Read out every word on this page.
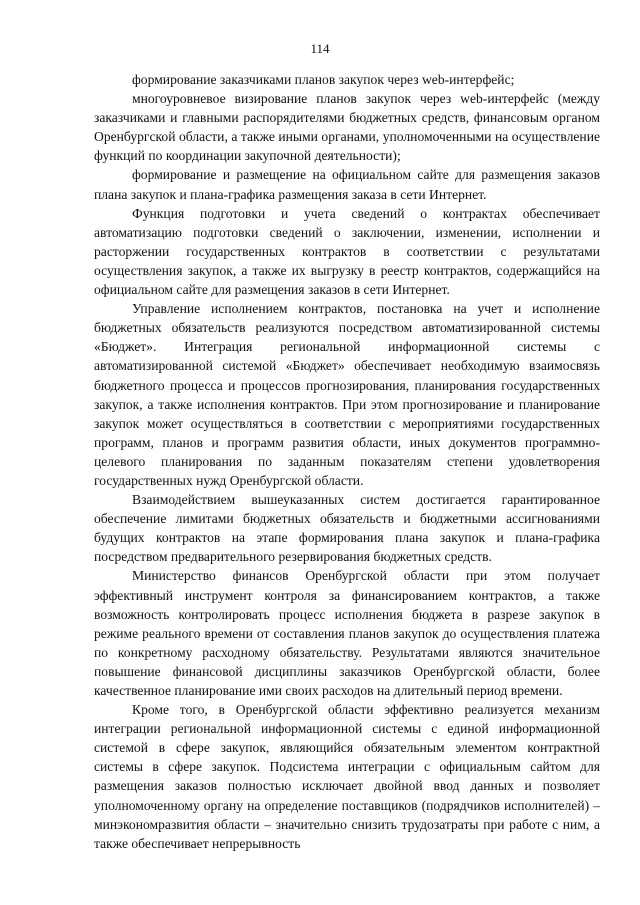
114

формирование заказчиками планов закупок через web-интерфейс;

многоуровневое визирование планов закупок через web-интерфейс (между заказчиками и главными распорядителями бюджетных средств, финансовым органом Оренбургской области, а также иными органами, уполномоченными на осуществление функций по координации закупочной деятельности);

формирование и размещение на официальном сайте для размещения заказов плана закупок и плана-графика размещения заказа в сети Интернет.

Функция подготовки и учета сведений о контрактах обеспечивает автоматизацию подготовки сведений о заключении, изменении, исполнении и расторжении государственных контрактов в соответствии с результатами осуществления закупок, а также их выгрузку в реестр контрактов, содержащийся на официальном сайте для размещения заказов в сети Интернет.

Управление исполнением контрактов, постановка на учет и исполнение бюджетных обязательств реализуются посредством автоматизированной системы «Бюджет». Интеграция региональной информационной системы с автоматизированной системой «Бюджет» обеспечивает необходимую взаимосвязь бюджетного процесса и процессов прогнозирования, планирования государственных закупок, а также исполнения контрактов. При этом прогнозирование и планирование закупок может осуществляться в соответствии с мероприятиями государственных программ, планов и программ развития области, иных документов программно-целевого планирования по заданным показателям степени удовлетворения государственных нужд Оренбургской области.

Взаимодействием вышеуказанных систем достигается гарантированное обеспечение лимитами бюджетных обязательств и бюджетными ассигнованиями будущих контрактов на этапе формирования плана закупок и плана-графика посредством предварительного резервирования бюджетных средств.

Министерство финансов Оренбургской области при этом получает эффективный инструмент контроля за финансированием контрактов, а также возможность контролировать процесс исполнения бюджета в разрезе закупок в режиме реального времени от составления планов закупок до осуществления платежа по конкретному расходному обязательству. Результатами являются значительное повышение финансовой дисциплины заказчиков Оренбургской области, более качественное планирование ими своих расходов на длительный период времени.

Кроме того, в Оренбургской области эффективно реализуется механизм интеграции региональной информационной системы с единой информационной системой в сфере закупок, являющийся обязательным элементом контрактной системы в сфере закупок. Подсистема интеграции с официальным сайтом для размещения заказов полностью исключает двойной ввод данных и позволяет уполномоченному органу на определение поставщиков (подрядчиков исполнителей) – минэкономразвития области – значительно снизить трудозатраты при работе с ним, а также обеспечивает непрерывность
